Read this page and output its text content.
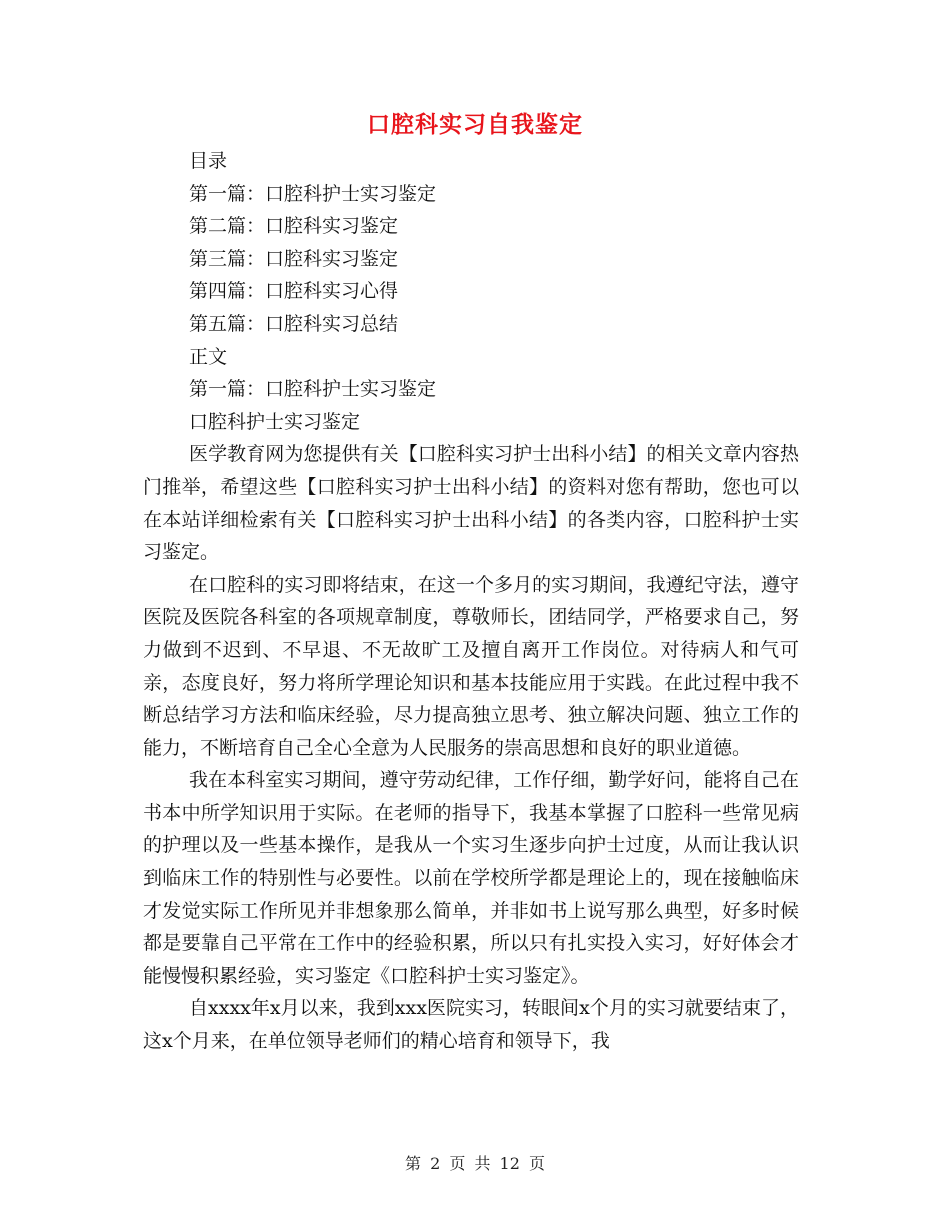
口腔科实习自我鉴定
目录
第一篇：口腔科护士实习鉴定
第二篇：口腔科实习鉴定
第三篇：口腔科实习鉴定
第四篇：口腔科实习心得
第五篇：口腔科实习总结
正文
第一篇：口腔科护士实习鉴定
口腔科护士实习鉴定

医学教育网为您提供有关【口腔科实习护士出科小结】的相关文章内容热门推举，希望这些【口腔科实习护士出科小结】的资料对您有帮助，您也可以在本站详细检索有关【口腔科实习护士出科小结】的各类内容，口腔科护士实习鉴定。

在口腔科的实习即将结束，在这一个多月的实习期间，我遵纪守法，遵守医院及医院各科室的各项规章制度，尊敬师长，团结同学，严格要求自己，努力做到不迟到、不早退、不无故旷工及擅自离开工作岗位。对待病人和气可亲，态度良好，努力将所学理论知识和基本技能应用于实践。在此过程中我不断总结学习方法和临床经验，尽力提高独立思考、独立解决问题、独立工作的能力，不断培育自己全心全意为人民服务的崇高思想和良好的职业道德。

我在本科室实习期间，遵守劳动纪律，工作仔细，勤学好问，能将自己在书本中所学知识用于实际。在老师的指导下，我基本掌握了口腔科一些常见病的护理以及一些基本操作，是我从一个实习生逐步向护士过度，从而让我认识到临床工作的特别性与必要性。以前在学校所学都是理论上的，现在接触临床才发觉实际工作所见并非想象那么简单，并非如书上说写那么典型，好多时候都是要靠自己平常在工作中的经验积累，所以只有扎实投入实习，好好体会才能慢慢积累经验，实习鉴定《口腔科护士实习鉴定》。

自xxxx年x月以来，我到xxx医院实习，转眼间x个月的实习就要结束了，这x个月来，在单位领导老师们的精心培育和领导下，我

第 2 页 共 12 页
